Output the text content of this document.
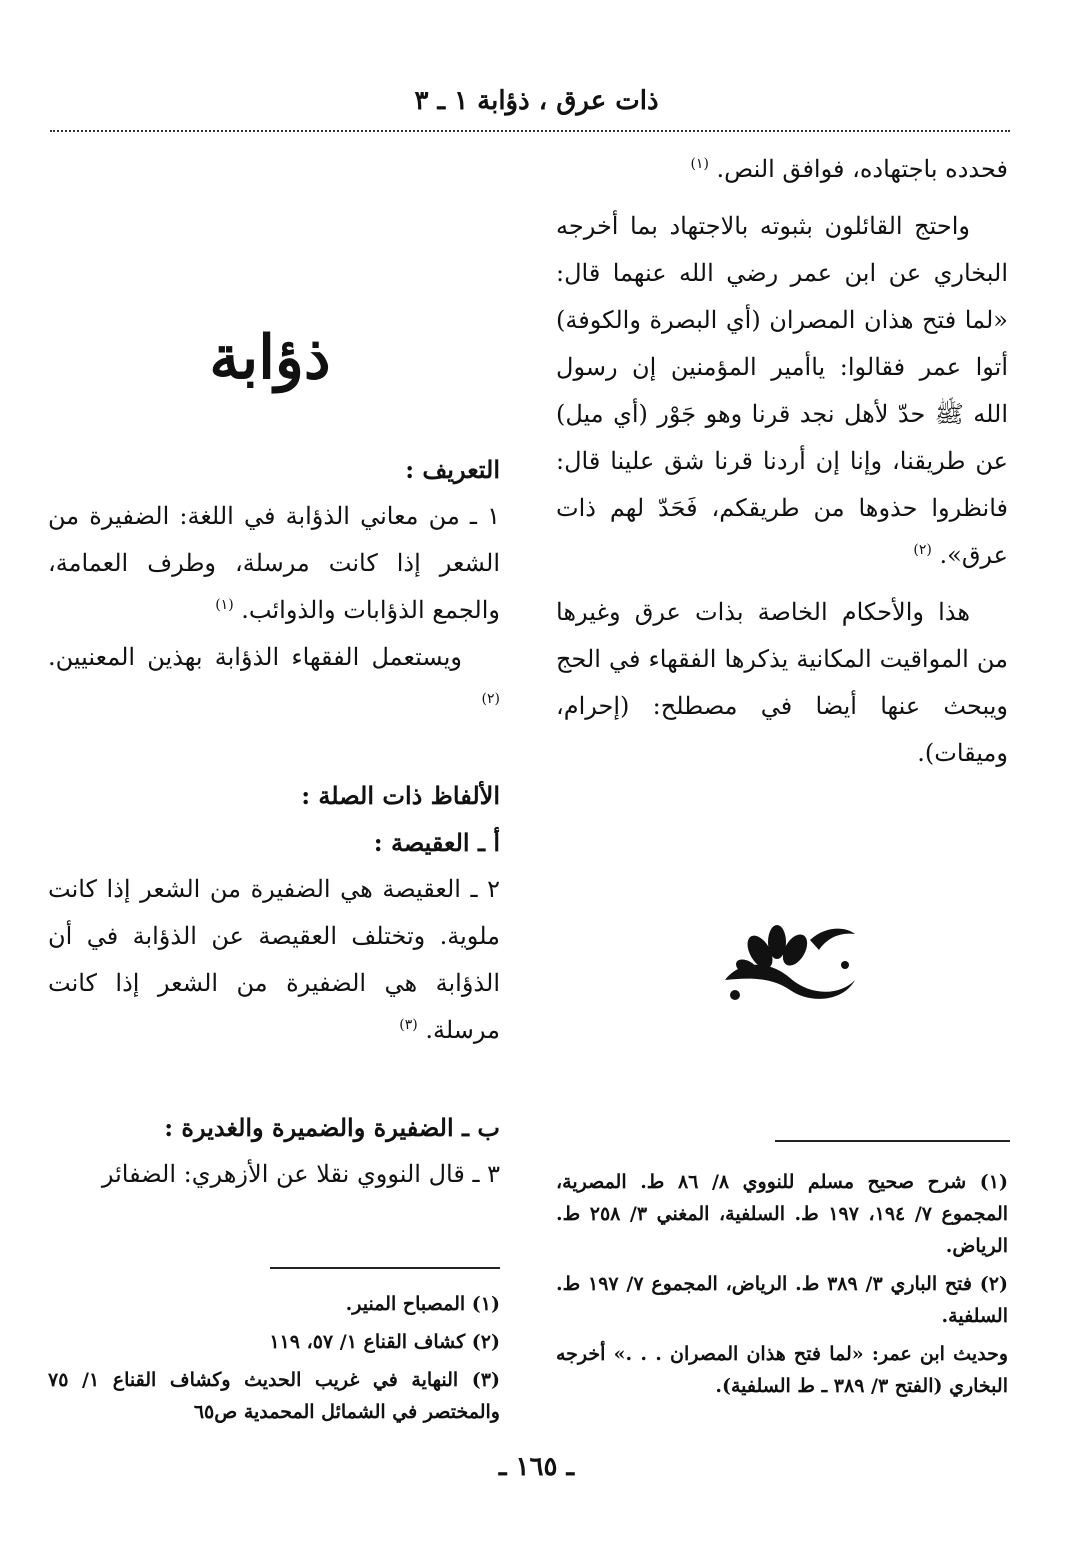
ذات عرق ، ذؤابة ١ ـ ٣

فحدده باجتهاده، فوافق النص. $^{(١)}$

واحتج القائلون بثبوته بالاجتهاد بما أخرجه البخاري عن ابن عمر رضي الله عنهما قال: «لما فتح هذان المصران (أي البصرة والكوفة) أتوا عمر فقالوا: ياأمير المؤمنين إن رسول الله ﷺ حدّ لأهل نجد قرنا وهو جَوْر (أي ميل) عن طريقنا، وإنا إن أردنا قرنا شق علينا قال: فانظروا حذوها من طريقكم، فَحَدّ لهم ذات عرق». $^{(٢)}$

هذا والأحكام الخاصة بذات عرق وغيرها من المواقيت المكانية يذكرها الفقهاء في الحج ويبحث عنها أيضا في مصطلح: (إحرام، وميقات).

ذؤابة

التعريف :

١ ـ من معاني الذؤابة في اللغة: الضفيرة من الشعر إذا كانت مرسلة، وطرف العمامة، والجمع الذؤابات والذوائب. $^{(١)}$

ويستعمل الفقهاء الذؤابة بهذين المعنيين. $^{(٢)}$

الألفاظ ذات الصلة :

أ ـ العقيصة :

٢ ـ العقيصة هي الضفيرة من الشعر إذا كانت ملوية. وتختلف العقيصة عن الذؤابة في أن الذؤابة هي الضفيرة من الشعر إذا كانت مرسلة. $^{(٣)}$

ب ـ الضفيرة والضميرة والغديرة :

٣ ـ قال النووي نقلا عن الأزهري: الضفائر	(١) شرح صحيح مسلم للنووي ٨/ ٨٦ ط. المصرية، المجموع ٧/ ١٩٤، ١٩٧ ط. السلفية، المغني ٣/ ٢٥٨ ط. الرياض.

(٢) فتح الباري ٣/ ٣٨٩ ط. الرياض، المجموع ٧/ ١٩٧ ط. السلفية.

وحديث ابن عمر: «لما فتح هذان المصران . . .» أخرجه البخاري (الفتح ٣/ ٣٨٩ ـ ط السلفية).

(١) المصباح المنير.

(٢) كشاف القناع ١/ ٥٧، ١١٩

(٣) النهاية في غريب الحديث وكشاف القناع ١/ ٧٥ والمختصر في الشمائل المحمدية ص٦٥

ـ ١٦٥ ـ
